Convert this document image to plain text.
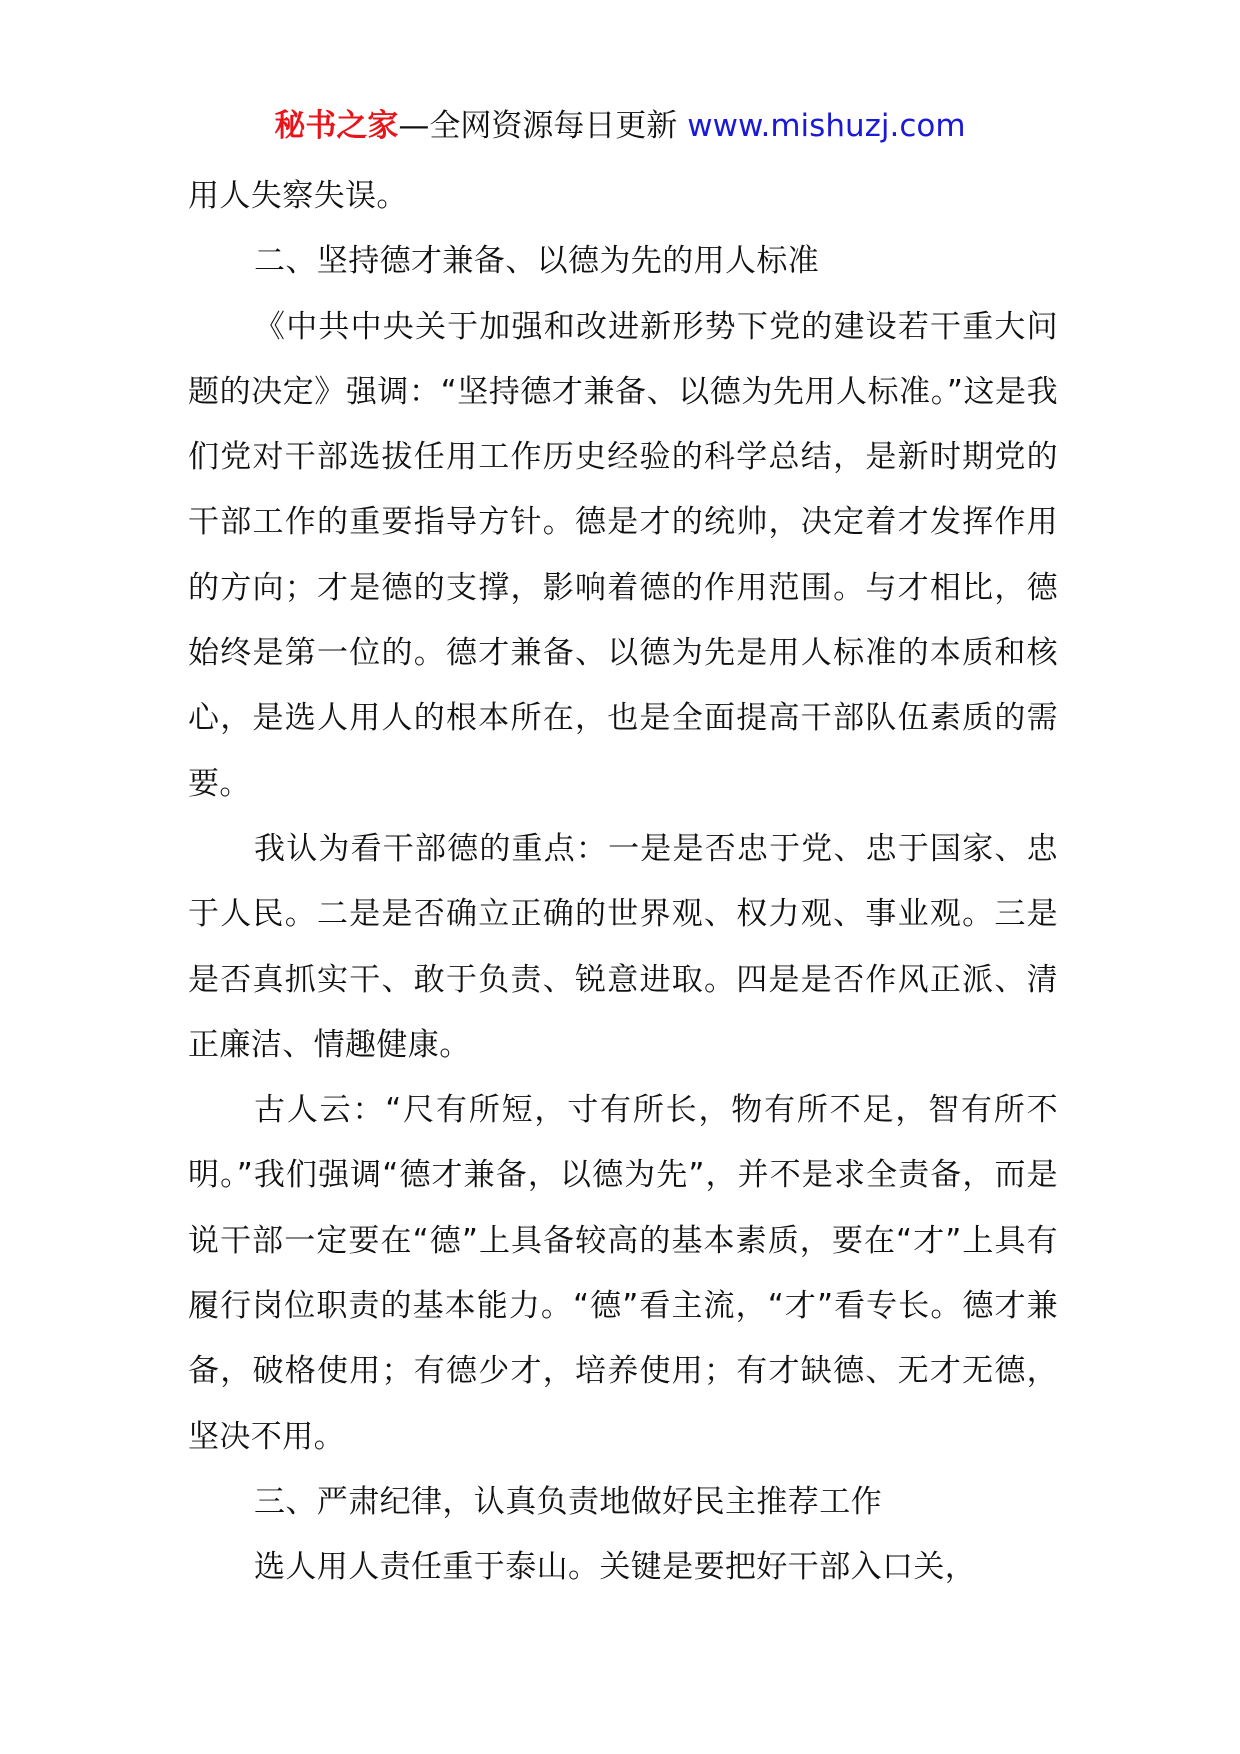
秘书之家—全网资源每日更新 www.mishuzj.com

用人失察失误。

二、坚持德才兼备、以德为先的用人标准

《中共中央关于加强和改进新形势下党的建设若干重大问题的决定》强调：“坚持德才兼备、以德为先用人标准。”这是我们党对干部选拔任用工作历史经验的科学总结，是新时期党的干部工作的重要指导方针。德是才的统帅，决定着才发挥作用的方向；才是德的支撑，影响着德的作用范围。与才相比，德始终是第一位的。德才兼备、以德为先是用人标准的本质和核心，是选人用人的根本所在，也是全面提高干部队伍素质的需要。

我认为看干部德的重点：一是是否忠于党、忠于国家、忠于人民。二是是否确立正确的世界观、权力观、事业观。三是是否真抓实干、敢于负责、锐意进取。四是是否作风正派、清正廉洁、情趣健康。

古人云：“尺有所短，寸有所长，物有所不足，智有所不明。”我们强调“德才兼备，以德为先”，并不是求全责备，而是说干部一定要在“德”上具备较高的基本素质，要在“才”上具有履行岗位职责的基本能力。“德”看主流，“才”看专长。德才兼备，破格使用；有德少才，培养使用；有才缺德、无才无德，坚决不用。

三、严肃纪律，认真负责地做好民主推荐工作

选人用人责任重于泰山。关键是要把好干部入口关，
